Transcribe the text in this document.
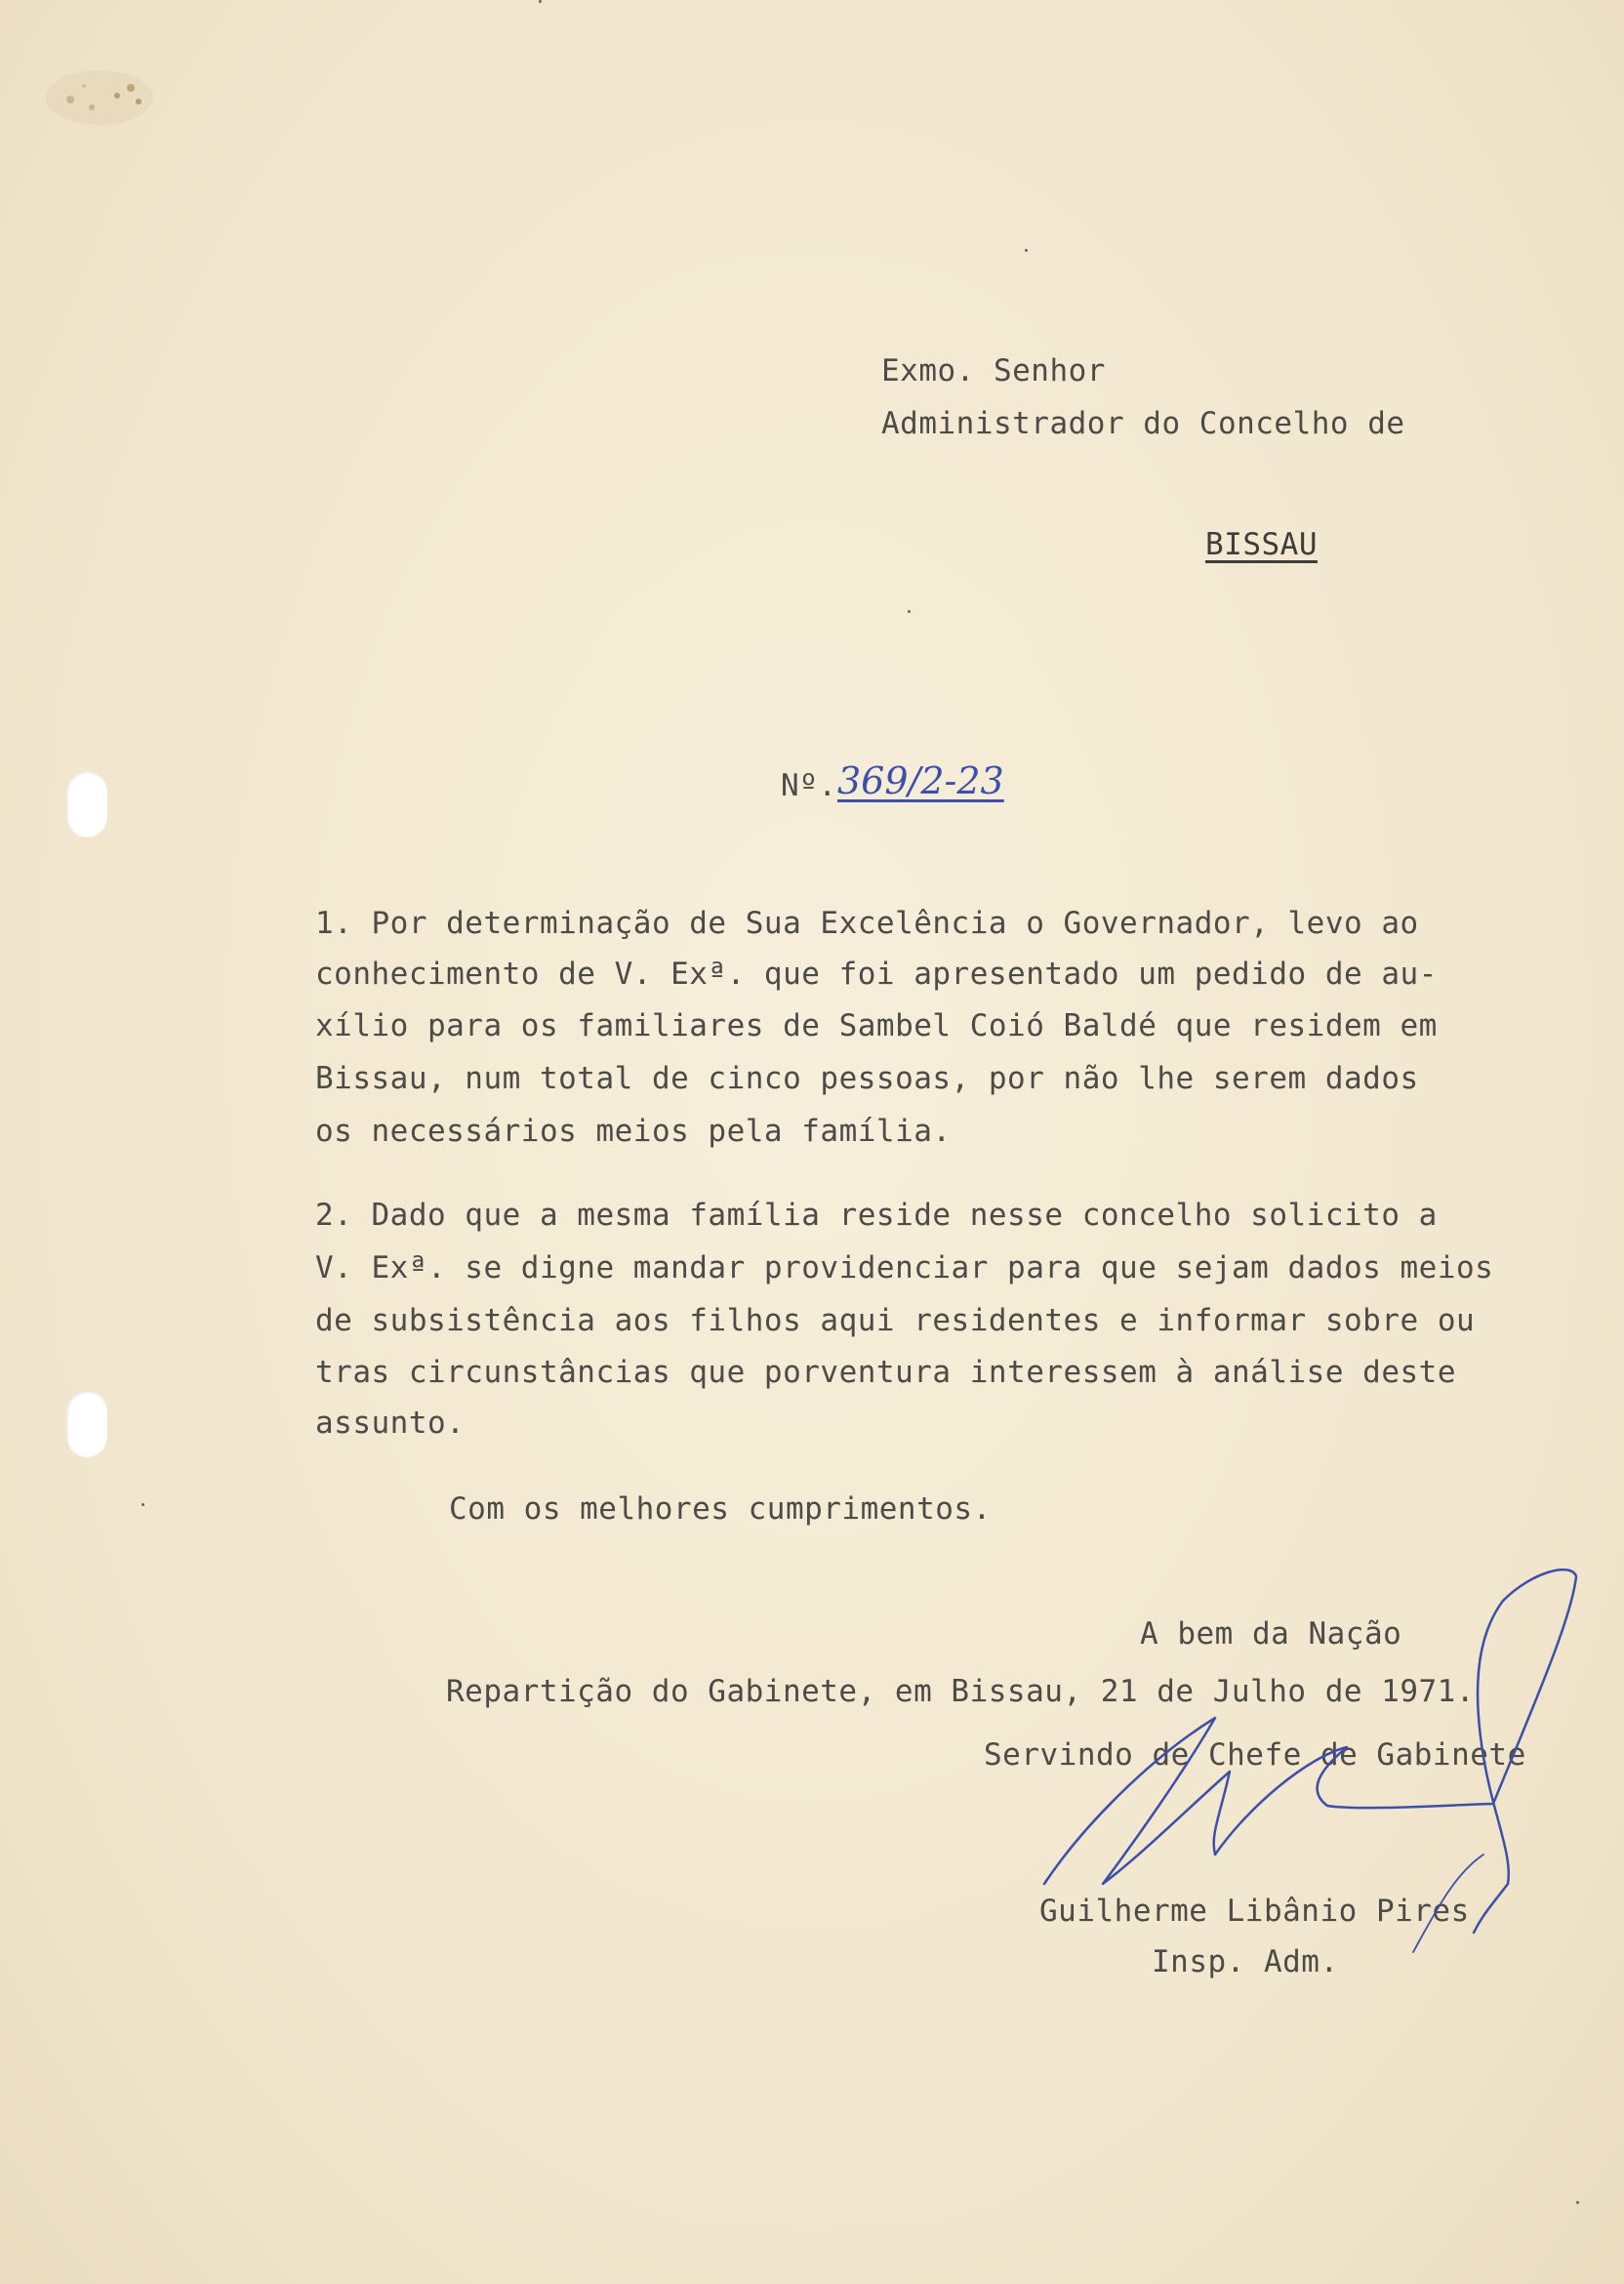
Exmo. Senhor
Administrador do Concelho de
BISSAU
Nº. 369/2-23
1. Por determinação de Sua Excelência o Governador, levo ao
conhecimento de V. Exª. que foi apresentado um pedido de au-
xílio para os familiares de Sambel Coió Baldé que residem em
Bissau, num total de cinco pessoas, por não lhe serem dados
os necessários meios pela família.
2. Dado que a mesma família reside nesse concelho solicito a
V. Exª. se digne mandar providenciar para que sejam dados meios
de subsistência aos filhos aqui residentes e informar sobre ou
tras circunstâncias que porventura interessem à análise deste
assunto.
Com os melhores cumprimentos.
A bem da Nação
Repartição do Gabinete, em Bissau, 21 de Julho de 1971.
Servindo de Chefe de Gabinete
Guilherme Libânio Pires
Insp. Adm.
